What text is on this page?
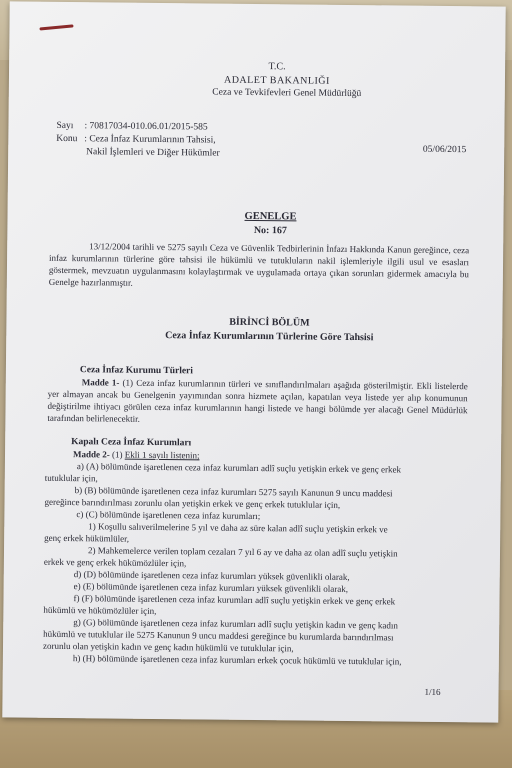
T.C.
ADALET BAKANLIĞI
Ceza ve Tevkifevleri Genel Müdürlüğü
Sayı	: 70817034-010.06.01/2015-585
Konu : Ceza İnfaz Kurumlarının Tahsisi,
Nakil İşlemleri ve Diğer Hükümler	05/06/2015
GENELGE
No: 167
13/12/2004 tarihli ve 5275 sayılı Ceza ve Güvenlik Tedbirlerinin İnfazı Hakkında Kanun gereğince, ceza infaz kurumlarının türlerine göre tahsisi ile hükümlü ve tutukluların nakil işlemleriyle ilgili usul ve esasları göstermek, mevzuatın uygulanmasını kolaylaştırmak ve uygulamada ortaya çıkan sorunları gidermek amacıyla bu Genelge hazırlanmıştır.
BİRİNCİ BÖLÜM
Ceza İnfaz Kurumlarının Türlerine Göre Tahsisi
Ceza İnfaz Kurumu Türleri
Madde 1- (1) Ceza infaz kurumlarının türleri ve sınıflandırılmaları aşağıda gösterilmiştir. Ekli listelerde yer almayan ancak bu Genelgenin yayımından sonra hizmete açılan, kapatılan veya listede yer alıp konumunun değiştirilme ihtiyacı görülen ceza infaz kurumlarının hangi listede ve hangi bölümde yer alacağı Genel Müdürlük tarafından belirlenecektir.
Kapalı Ceza İnfaz Kurumları
Madde 2- (1) Ekli 1 sayılı listenin;
a) (A) bölümünde işaretlenen ceza infaz kurumları adlî suçlu yetişkin erkek ve genç erkek
tutuklular için,
b) (B) bölümünde işaretlenen ceza infaz kurumları 5275 sayılı Kanunun 9 uncu maddesi
gereğince barındırılması zorunlu olan yetişkin erkek ve genç erkek tutuklular için,
c) (C) bölümünde işaretlenen ceza infaz kurumları;
1) Koşullu salıverilmelerine 5 yıl ve daha az süre kalan adlî suçlu yetişkin erkek ve
genç erkek hükümlüler,
2) Mahkemelerce verilen toplam cezaları 7 yıl 6 ay ve daha az olan adlî suçlu yetişkin
erkek ve genç erkek hükümözlüler için,
d) (D) bölümünde işaretlenen ceza infaz kurumları yüksek güvenlikli olarak,
e) (E) bölümünde işaretlenen ceza infaz kurumları yüksek güvenlikli olarak,
f) (F) bölümünde işaretlenen ceza infaz kurumları adlî suçlu yetişkin erkek ve genç erkek
hükümlü ve hükümözlüler için,
g) (G) bölümünde işaretlenen ceza infaz kurumları adlî suçlu yetişkin kadın ve genç kadın
hükümlü ve tutuklular ile 5275 Kanunun 9 uncu maddesi gereğince bu kurumlarda barındırılması
zorunlu olan yetişkin kadın ve genç kadın hükümlü ve tutuklular için,
h) (H) bölümünde işaretlenen ceza infaz kurumları erkek çocuk hükümlü ve tutuklular için,
1/16
